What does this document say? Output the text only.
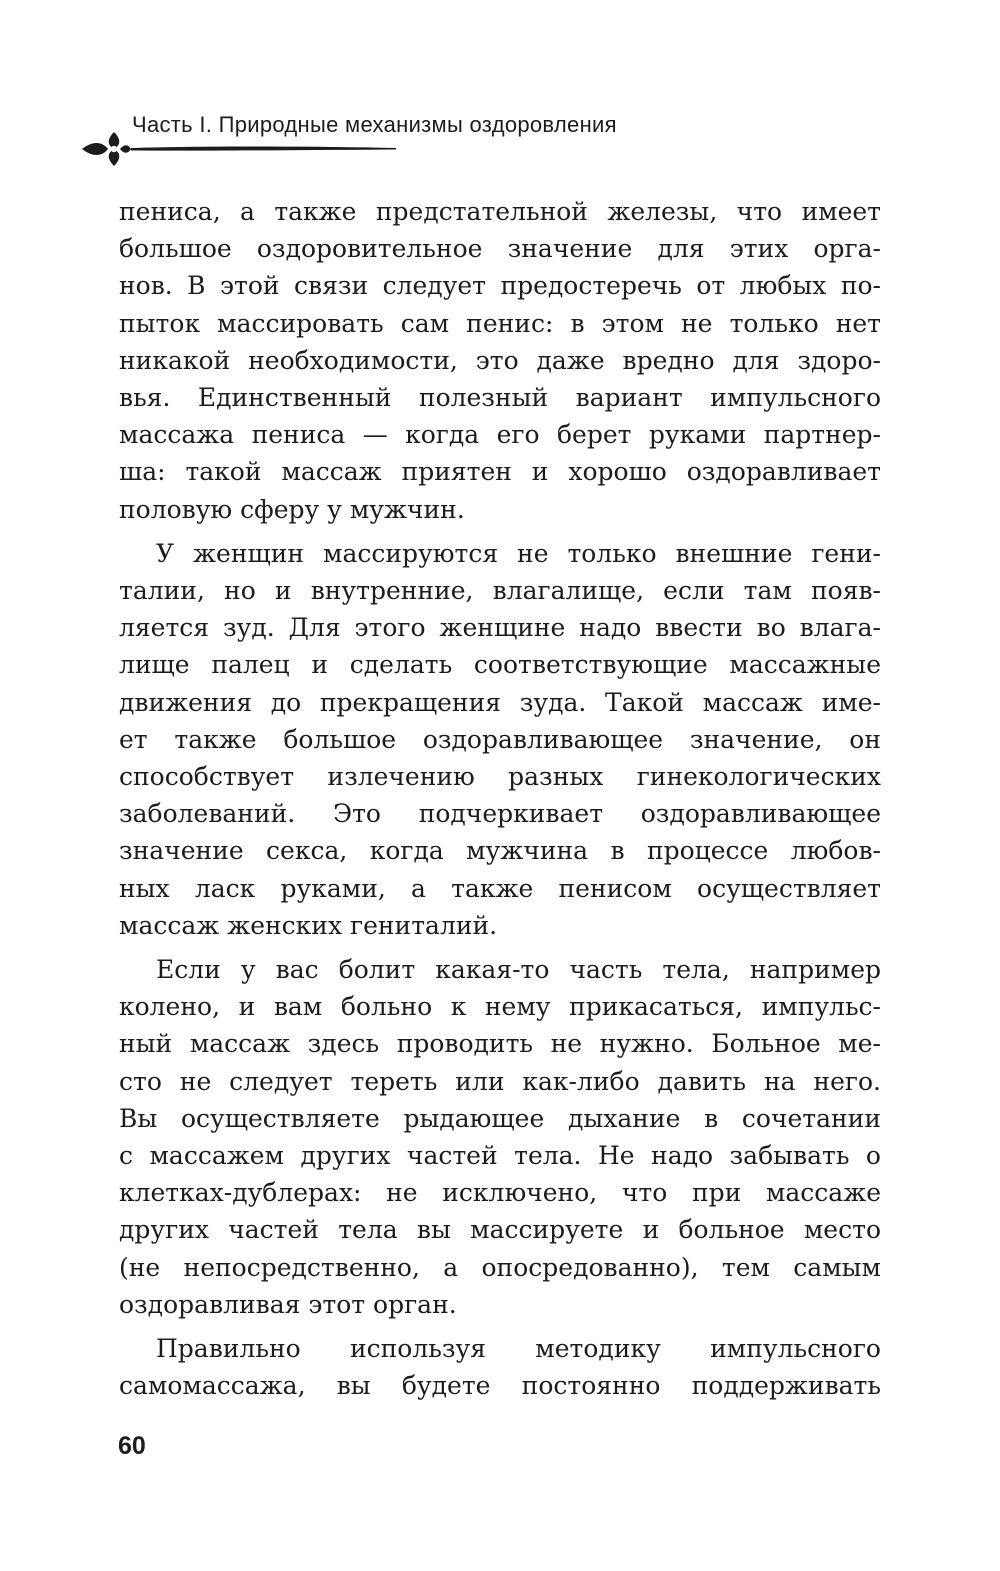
Часть I. Природные механизмы оздоровления
пениса, а также предстательной железы, что имеет
большое оздоровительное значение для этих орга-
нов. В этой связи следует предостеречь от любых по-
пыток массировать сам пенис: в этом не только нет
никакой необходимости, это даже вредно для здоро-
вья. Единственный полезный вариант импульсного
массажа пениса — когда его берет руками партнер-
ша: такой массаж приятен и хорошо оздоравливает
половую сферу у мужчин.
У женщин массируются не только внешние гени-
талии, но и внутренние, влагалище, если там появ-
ляется зуд. Для этого женщине надо ввести во влага-
лище палец и сделать соответствующие массажные
движения до прекращения зуда. Такой массаж име-
ет также большое оздоравливающее значение, он
способствует излечению разных гинекологических
заболеваний. Это подчеркивает оздоравливающее
значение секса, когда мужчина в процессе любов-
ных ласк руками, а также пенисом осуществляет
массаж женских гениталий.
Если у вас болит какая-то часть тела, например
колено, и вам больно к нему прикасаться, импульс-
ный массаж здесь проводить не нужно. Больное ме-
сто не следует тереть или как-либо давить на него.
Вы осуществляете рыдающее дыхание в сочетании
с массажем других частей тела. Не надо забывать о
клетках-дублерах: не исключено, что при массаже
других частей тела вы массируете и больное место
(не непосредственно, а опосредованно), тем самым
оздоравливая этот орган.
Правильно используя методику импульсного
самомассажа, вы будете постоянно поддерживать
60
